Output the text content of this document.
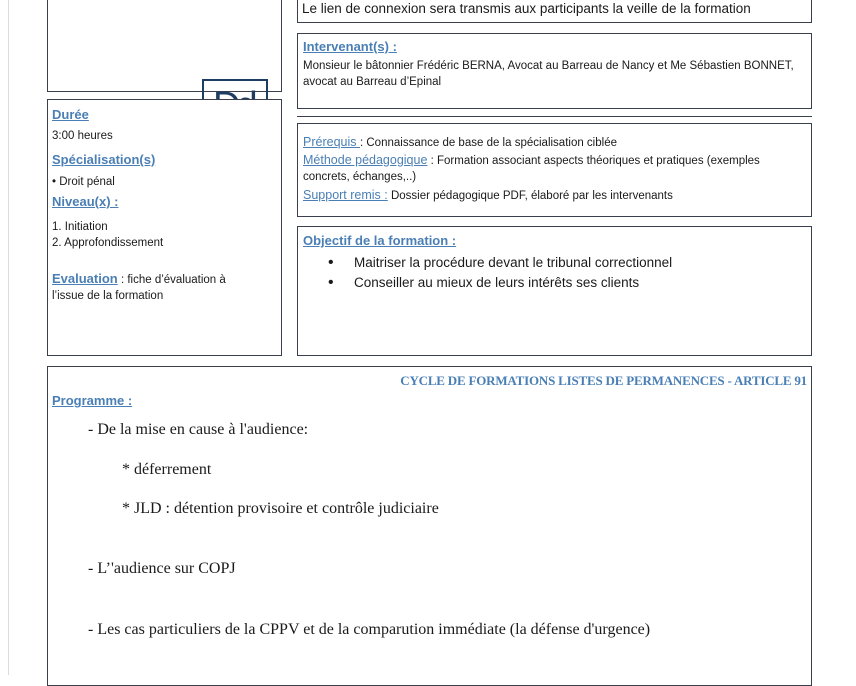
Le lien de connexion sera transmis aux participants la veille de la formation
Intervenant(s) :
Monsieur le bâtonnier Frédéric BERNA, Avocat au Barreau de Nancy et Me Sébastien BONNET, avocat au Barreau d’Epinal
Durée
3:00 heures
Spécialisation(s)
• Droit pénal
Niveau(x) :
1. Initiation
2. Approfondissement
Evaluation : fiche d’évaluation à l’issue de la formation
Prérequis : Connaissance de base de la spécialisation ciblée
Méthode pédagogique : Formation associant aspects théoriques et pratiques (exemples concrets, échanges,..)
Support remis : Dossier pédagogique PDF, élaboré par les intervenants
Objectif de la formation :
• Maitriser la procédure devant le tribunal correctionnel
• Conseiller au mieux de leurs intérêts ses clients
CYCLE DE FORMATIONS LISTES DE PERMANENCES - ARTICLE 91
Programme :
- De la mise en cause à l'audience:
* déferrement
* JLD : détention provisoire et contrôle judiciaire
- L’'audience sur COPJ
- Les cas particuliers de la CPPV et de la comparution immédiate (la défense d'urgence)
